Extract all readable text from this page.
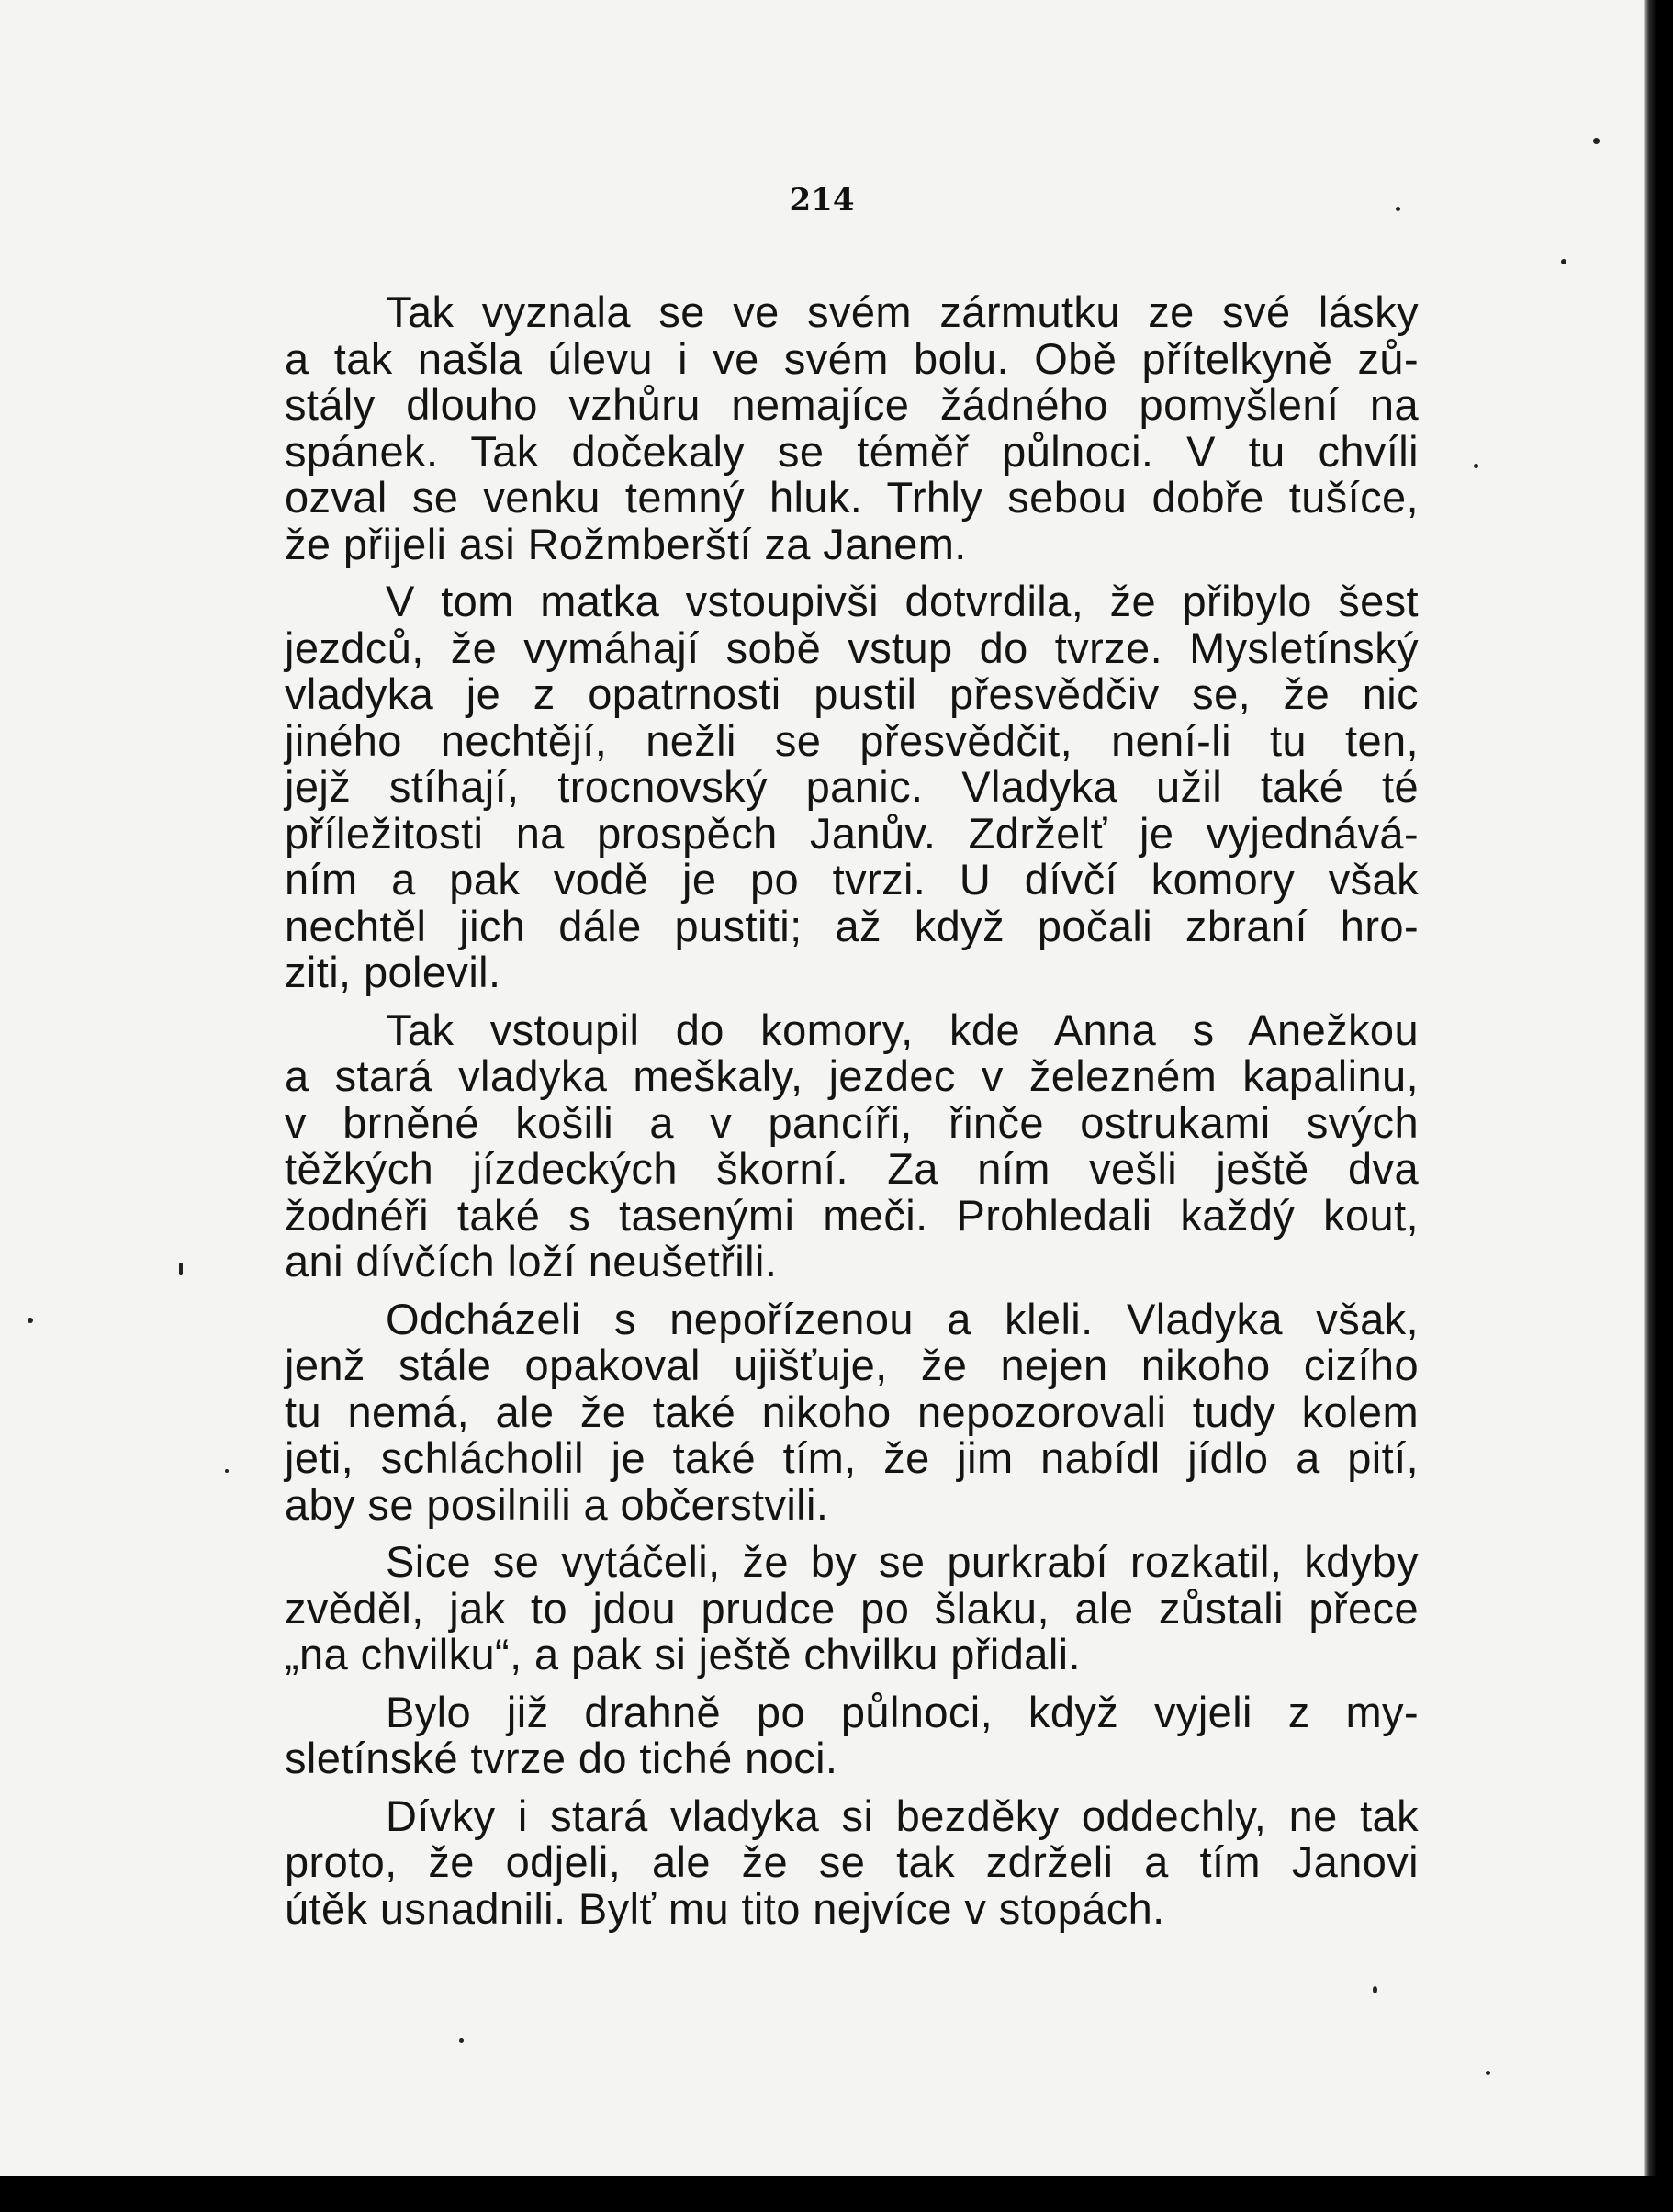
214
Tak vyznala se ve svém zármutku ze své lásky
a tak našla úlevu i ve svém bolu. Obě přítelkyně zů-
stály dlouho vzhůru nemajíce žádného pomyšlení na
spánek. Tak dočekaly se téměř půlnoci. V tu chvíli
ozval se venku temný hluk. Trhly sebou dobře tušíce,
že přijeli asi Rožmberští za Janem.
V tom matka vstoupivši dotvrdila, že přibylo šest
jezdců, že vymáhají sobě vstup do tvrze. Mysletínský
vladyka je z opatrnosti pustil přesvědčiv se, že nic
jiného nechtějí, nežli se přesvědčit, není-li tu ten,
jejž stíhají, trocnovský panic. Vladyka užil také té
příležitosti na prospěch Janův. Zdrželť je vyjednává-
ním a pak vodě je po tvrzi. U dívčí komory však
nechtěl jich dále pustiti; až když počali zbraní hro-
ziti, polevil.
Tak vstoupil do komory, kde Anna s Anežkou
a stará vladyka meškaly, jezdec v železném kapalinu,
v brněné košili a v pancíři, řinče ostrukami svých
těžkých jízdeckých škorní. Za ním vešli ještě dva
žodnéři také s tasenými meči. Prohledali každý kout,
ani dívčích loží neušetřili.
Odcházeli s nepořízenou a kleli. Vladyka však,
jenž stále opakoval ujišťuje, že nejen nikoho cizího
tu nemá, ale že také nikoho nepozorovali tudy kolem
jeti, schlácholil je také tím, že jim nabídl jídlo a pití,
aby se posilnili a občerstvili.
Sice se vytáčeli, že by se purkrabí rozkatil, kdyby
zvěděl, jak to jdou prudce po šlaku, ale zůstali přece
„na chvilku“, a pak si ještě chvilku přidali.
Bylo již drahně po půlnoci, když vyjeli z my-
sletínské tvrze do tiché noci.
Dívky i stará vladyka si bezděky oddechly, ne tak
proto, že odjeli, ale že se tak zdrželi a tím Janovi
útěk usnadnili. Bylť mu tito nejvíce v stopách.
